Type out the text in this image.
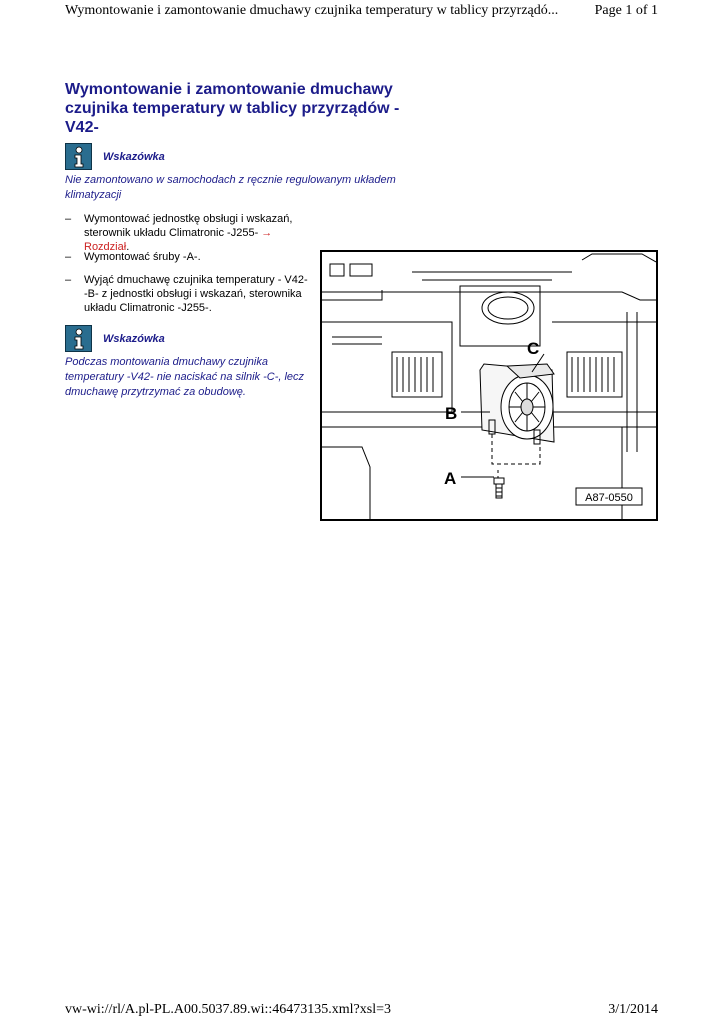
Wymontowanie i zamontowanie dmuchawy czujnika temperatury w tablicy przyrządó...	Page 1 of 1
Wymontowanie i zamontowanie dmuchawy czujnika temperatury w tablicy przyrządów - V42-
Wskazówka
Nie zamontowano w samochodach z ręcznie regulowanym układem klimatyzacji
–	Wymontować jednostkę obsługi i wskazań, sterownik układu Climatronic -J255- → Rozdział.
–	Wymontować śruby -A-.
–	Wyjąć dmuchawę czujnika temperatury - V42--B- z jednostki obsługi i wskazań, sterownika układu Climatronic -J255-.
Wskazówka
Podczas montowania dmuchawy czujnika temperatury -V42- nie naciskać na silnik -C-, lecz dmuchawę przytrzymać za obudowę.
B
A
C
A87-0550
vw-wi://rl/A.pl-PL.A00.5037.89.wi::46473135.xml?xsl=3	3/1/2014
